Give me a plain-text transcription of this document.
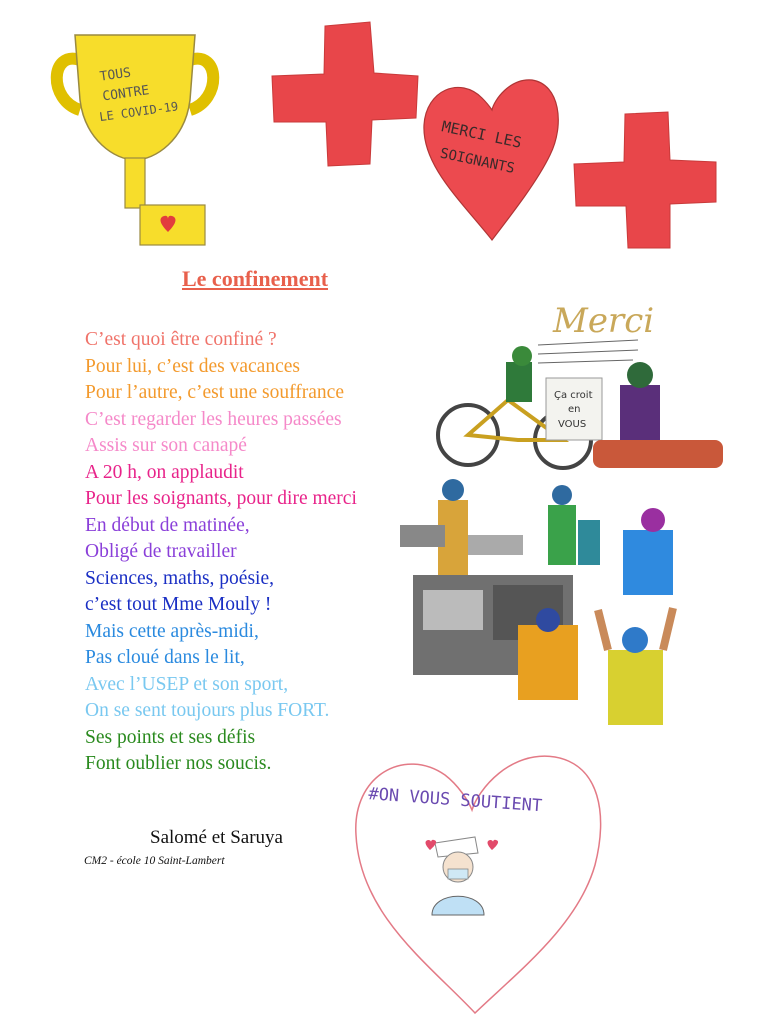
TOUS
CONTRE
LE COVID-19
MERCI LES
SOIGNANTS
Le confinement
C’est quoi être confiné ?
Pour lui, c’est des vacances
Pour l’autre, c’est une souffrance
C’est regarder les heures passées
Assis sur son canapé
A 20 h, on applaudit
Pour les soignants, pour dire merci
En début de matinée,
Obligé de travailler
Sciences, maths, poésie,
c’est tout Mme Mouly !
Mais cette après-midi,
Pas cloué dans le lit,
Avec l’USEP et son sport,
On se sent toujours plus FORT.
Ses points et ses défis
Font oublier nos soucis.
Merci
Ça croit
en
VOUS
Salomé et Saruya
CM2 - école 10 Saint-Lambert
#ON VOUS SOUTIENT
